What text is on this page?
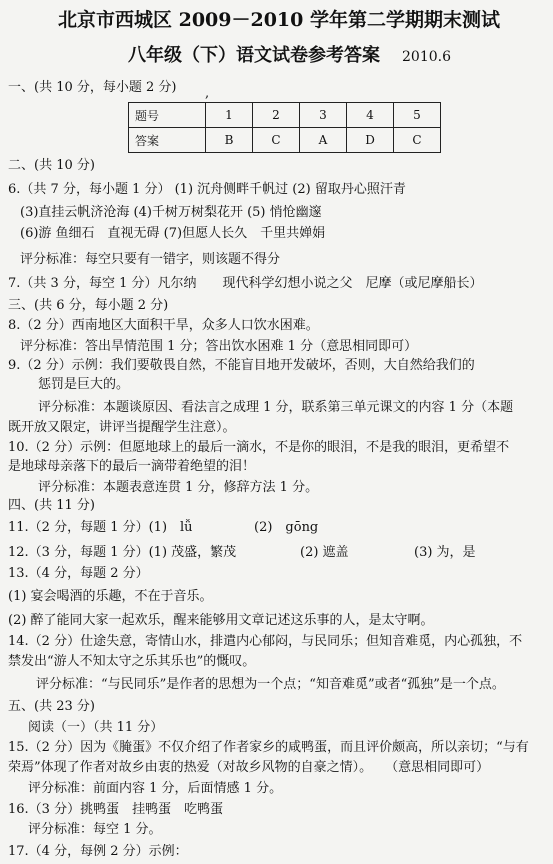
北京市西城区 2009－2010 学年第二学期期末测试
八年级（下）语文试卷参考答案 2010.6
一、(共 10 分，每小题 2 分) ,
题号	1	2	3	4	5
答案	B	C	A	D	C
二、(共 10 分)
6.（共 7 分，每小题 1 分） (1) 沉舟侧畔千帆过 (2) 留取丹心照汗青
(3)直挂云帆济沧海 (4)千树万树梨花开 (5) 悄怆幽邃
(6)游 鱼细石　直视无碍 (7)但愿人长久　千里共婵娟
评分标准：每空只要有一错字，则该题不得分
7.（共 3 分，每空 1 分）凡尔纳　　现代科学幻想小说之父　尼摩（或尼摩船长）
三、(共 6 分，每小题 2 分)
8.（2 分）西南地区大面积干旱，众多人口饮水困难。
评分标准：答出旱情范围 1 分；答出饮水困难 1 分（意思相同即可）
9.（2 分）示例：我们要敬畏自然，不能盲目地开发破坏，否则，大自然给我们的
惩罚是巨大的。
评分标准：本题谈原因、看法言之成理 1 分，联系第三单元课文的内容 1 分（本题
既开放又限定，讲评当提醒学生注意）。
10.（2 分）示例：但愿地球上的最后一滴水，不是你的眼泪，不是我的眼泪，更希望不
是地球母亲落下的最后一滴带着绝望的泪！
评分标准：本题表意连贯 1 分，修辞方法 1 分。
四、(共 11 分)
11.（2 分，每题 1 分）(1)　lǚ	(2)　gōng
12.（3 分，每题 1 分）(1) 茂盛，繁茂	(2) 遮盖	(3) 为，是
13.（4 分，每题 2 分）
(1) 宴会喝酒的乐趣，不在于音乐。
(2) 醉了能同大家一起欢乐，醒来能够用文章记述这乐事的人，是太守啊。
14.（2 分）仕途失意，寄情山水，排遣内心郁闷，与民同乐；但知音难觅，内心孤独，不
禁发出“游人不知太守之乐其乐也”的慨叹。
评分标准：“与民同乐”是作者的思想为一个点；“知音难觅”或者“孤独”是一个点。
五、(共 23 分)
阅读（一）（共 11 分）
15.（2 分）因为《腌蛋》不仅介绍了作者家乡的咸鸭蛋，而且评价颇高，所以亲切；“与有
荣焉”体现了作者对故乡由衷的热爱（对故乡风物的自豪之情）。　　（意思相同即可）
评分标准：前面内容 1 分，后面情感 1 分。
16.（3 分）挑鸭蛋　挂鸭蛋　吃鸭蛋
评分标准：每空 1 分。
17.（4 分，每例 2 分）示例：
